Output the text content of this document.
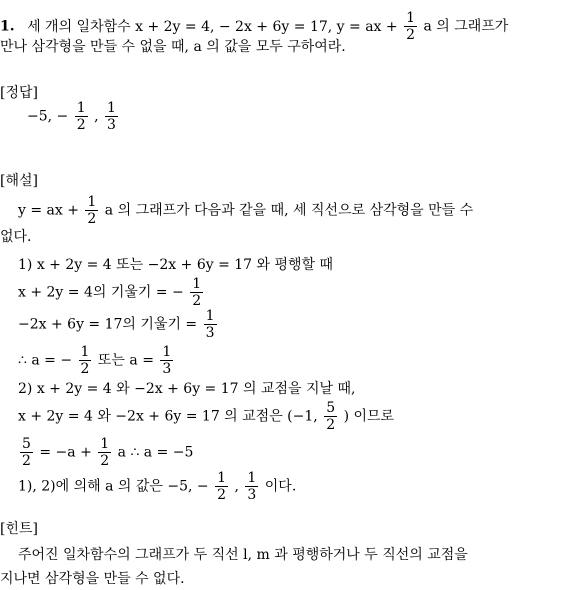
1. 세 개의 일차함수 x + 2y = 4, − 2x + 6y = 17, y = ax + $\frac{1}{2}$ a 의 그래프가
만나 삼각형을 만들 수 없을 때, a 의 값을 모두 구하여라.
[정답]
−5, − $\frac{1}{2}$ , $\frac{1}{3}$
[해설]
y = ax + $\frac{1}{2}$ a 의 그래프가 다음과 같을 때, 세 직선으로 삼각형을 만들 수
없다.
1) x + 2y = 4 또는 −2x + 6y = 17 와 평행할 때
x + 2y = 4의 기울기 = − $\frac{1}{2}$
−2x + 6y = 17의 기울기 = $\frac{1}{3}$
∴ a = − $\frac{1}{2}$ 또는 $a = \frac{1}{3}$
2) x + 2y = 4 와 −2x + 6y = 17 의 교점을 지날 때,
x + 2y = 4 와 −2x + 6y = 17 의 교점은 (−1, $\frac{5}{2}$ ) 이므로
$\frac{5}{2} = -a + \frac{1}{2}$ a ∴ a = −5
1), 2)에 의해 a 의 값은 −5, − $\frac{1}{2}$ , $\frac{1}{3}$ 이다.
[힌트]
주어진 일차함수의 그래프가 두 직선 l, m 과 평행하거나 두 직선의 교점을
지나면 삼각형을 만들 수 없다.
